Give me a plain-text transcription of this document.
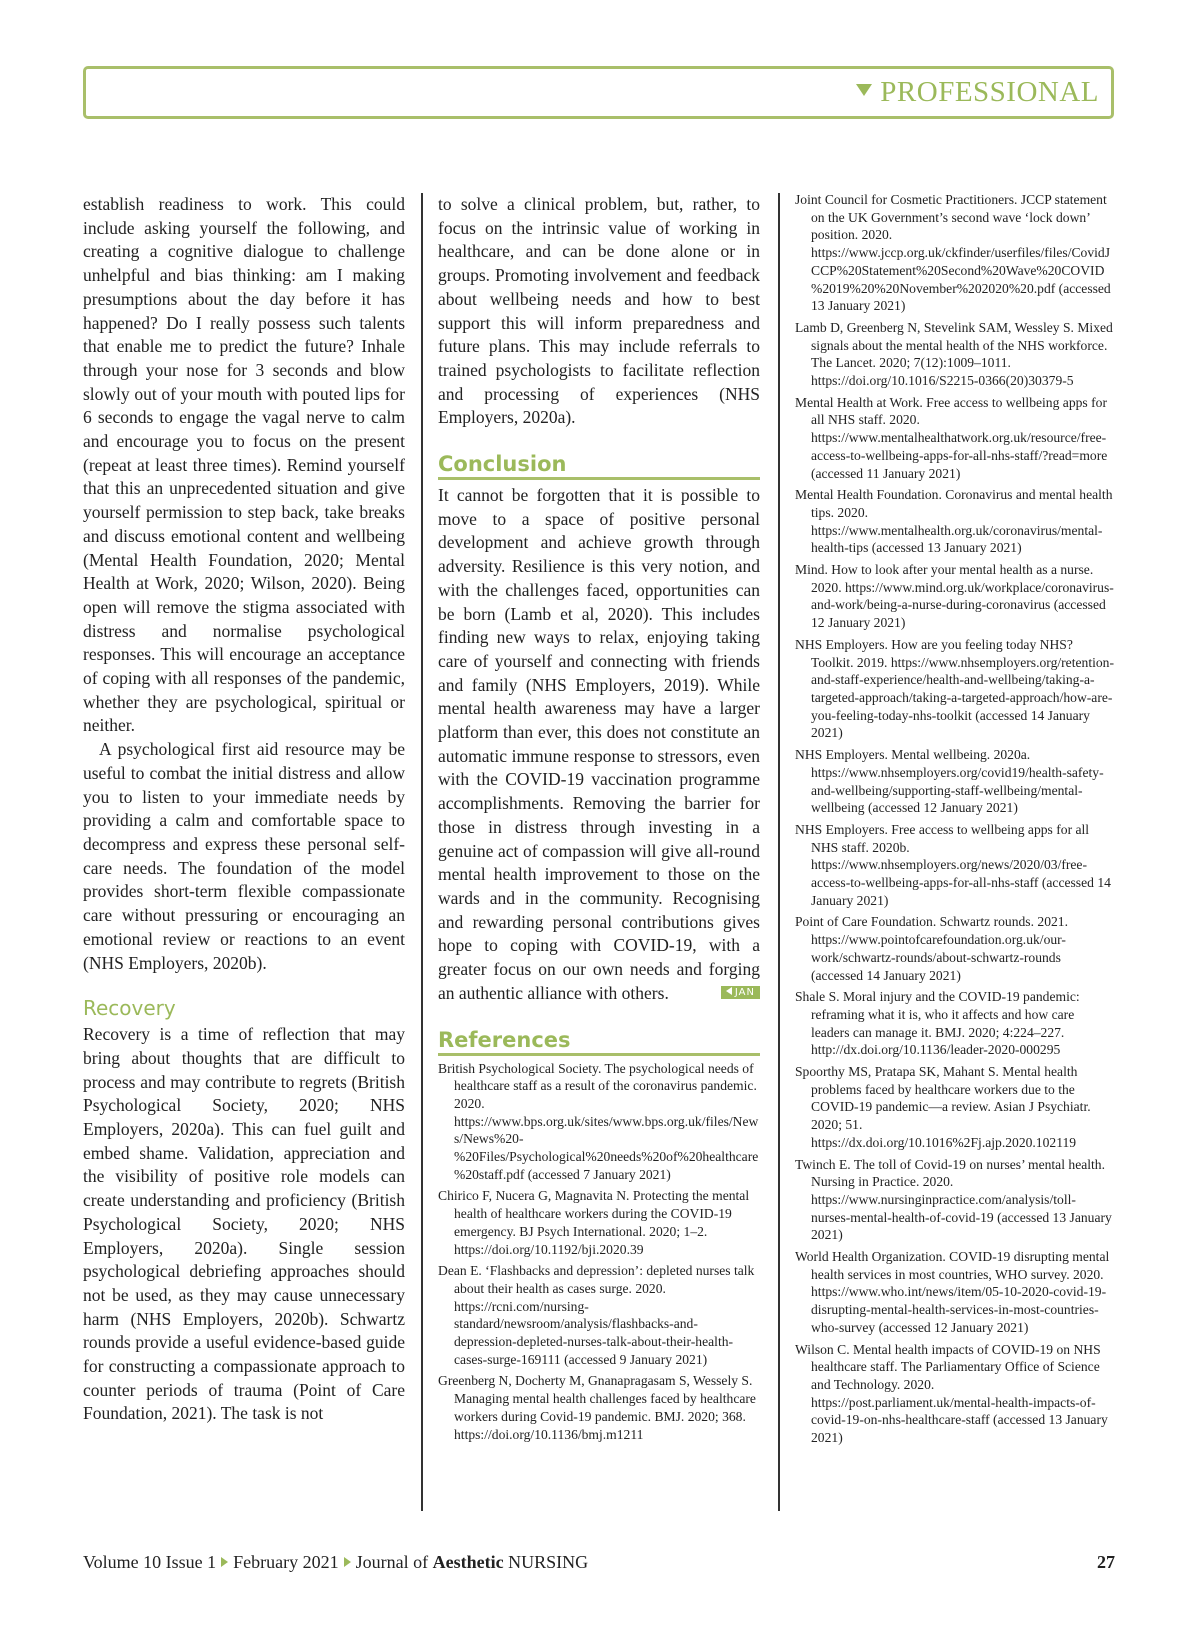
PROFESSIONAL

establish readiness to work. This could include asking yourself the following, and creating a cognitive dialogue to challenge unhelpful and bias thinking: am I making presumptions about the day before it has happened? Do I really possess such talents that enable me to predict the future? Inhale through your nose for 3 seconds and blow slowly out of your mouth with pouted lips for 6 seconds to engage the vagal nerve to calm and encourage you to focus on the present (repeat at least three times). Remind yourself that this an unprecedented situation and give yourself permission to step back, take breaks and discuss emotional content and wellbeing (Mental Health Foundation, 2020; Mental Health at Work, 2020; Wilson, 2020). Being open will remove the stigma associated with distress and normalise psychological responses. This will encourage an acceptance of coping with all responses of the pandemic, whether they are psychological, spiritual or neither.

A psychological first aid resource may be useful to combat the initial distress and allow you to listen to your immediate needs by providing a calm and comfortable space to decompress and express these personal self-care needs. The foundation of the model provides short-term flexible compassionate care without pressuring or encouraging an emotional review or reactions to an event (NHS Employers, 2020b).

Recovery

Recovery is a time of reflection that may bring about thoughts that are difficult to process and may contribute to regrets (British Psychological Society, 2020; NHS Employers, 2020a). This can fuel guilt and embed shame. Validation, appreciation and the visibility of positive role models can create understanding and proficiency (British Psychological Society, 2020; NHS Employers, 2020a). Single session psychological debriefing approaches should not be used, as they may cause unnecessary harm (NHS Employers, 2020b). Schwartz rounds provide a useful evidence-based guide for constructing a compassionate approach to counter periods of trauma (Point of Care Foundation, 2021). The task is not

to solve a clinical problem, but, rather, to focus on the intrinsic value of working in healthcare, and can be done alone or in groups. Promoting involvement and feedback about wellbeing needs and how to best support this will inform preparedness and future plans. This may include referrals to trained psychologists to facilitate reflection and processing of experiences (NHS Employers, 2020a).

Conclusion

It cannot be forgotten that it is possible to move to a space of positive personal development and achieve growth through adversity. Resilience is this very notion, and with the challenges faced, opportunities can be born (Lamb et al, 2020). This includes finding new ways to relax, enjoying taking care of yourself and connecting with friends and family (NHS Employers, 2019). While mental health awareness may have a larger platform than ever, this does not constitute an automatic immune response to stressors, even with the COVID-19 vaccination programme accomplishments. Removing the barrier for those in distress through investing in a genuine act of compassion will give all-round mental health improvement to those on the wards and in the community. Recognising and rewarding personal contributions gives hope to coping with COVID-19, with a greater focus on our own needs and forging an authentic alliance with others.	JAN

References

British Psychological Society. The psychological needs of healthcare staff as a result of the coronavirus pandemic. 2020. https://www.bps.org.uk/sites/www.bps.org.uk/files/News/News%20-%20Files/Psychological%20needs%20of%20healthcare%20staff.pdf (accessed 7 January 2021)

Chirico F, Nucera G, Magnavita N. Protecting the mental health of healthcare workers during the COVID-19 emergency. BJ Psych International. 2020; 1–2. https://doi.org/10.1192/bji.2020.39

Dean E. ‘Flashbacks and depression’: depleted nurses talk about their health as cases surge. 2020. https://rcni.com/nursing-standard/newsroom/analysis/flashbacks-and-depression-depleted-nurses-talk-about-their-health-cases-surge-169111 (accessed 9 January 2021)

Greenberg N, Docherty M, Gnanapragasam S, Wessely S. Managing mental health challenges faced by healthcare workers during Covid-19 pandemic. BMJ. 2020; 368. https://doi.org/10.1136/bmj.m1211

Joint Council for Cosmetic Practitioners. JCCP statement on the UK Government’s second wave ‘lock down’ position. 2020. https://www.jccp.org.uk/ckfinder/userfiles/files/CovidJCCP%20Statement%20Second%20Wave%20COVID%2019%20%20November%202020%20.pdf (accessed 13 January 2021)

Lamb D, Greenberg N, Stevelink SAM, Wessley S. Mixed signals about the mental health of the NHS workforce. The Lancet. 2020; 7(12):1009–1011. https://doi.org/10.1016/S2215-0366(20)30379-5

Mental Health at Work. Free access to wellbeing apps for all NHS staff. 2020. https://www.mentalhealthatwork.org.uk/resource/free-access-to-wellbeing-apps-for-all-nhs-staff/?read=more (accessed 11 January 2021)

Mental Health Foundation. Coronavirus and mental health tips. 2020. https://www.mentalhealth.org.uk/coronavirus/mental-health-tips (accessed 13 January 2021)

Mind. How to look after your mental health as a nurse. 2020. https://www.mind.org.uk/workplace/coronavirus-and-work/being-a-nurse-during-coronavirus (accessed 12 January 2021)

NHS Employers. How are you feeling today NHS? Toolkit. 2019. https://www.nhsemployers.org/retention-and-staff-experience/health-and-wellbeing/taking-a-targeted-approach/taking-a-targeted-approach/how-are-you-feeling-today-nhs-toolkit (accessed 14 January 2021)

NHS Employers. Mental wellbeing. 2020a. https://www.nhsemployers.org/covid19/health-safety-and-wellbeing/supporting-staff-wellbeing/mental-wellbeing (accessed 12 January 2021)

NHS Employers. Free access to wellbeing apps for all NHS staff. 2020b. https://www.nhsemployers.org/news/2020/03/free-access-to-wellbeing-apps-for-all-nhs-staff (accessed 14 January 2021)

Point of Care Foundation. Schwartz rounds. 2021. https://www.pointofcarefoundation.org.uk/our-work/schwartz-rounds/about-schwartz-rounds (accessed 14 January 2021)

Shale S. Moral injury and the COVID-19 pandemic: reframing what it is, who it affects and how care leaders can manage it. BMJ. 2020; 4:224–227. http://dx.doi.org/10.1136/leader-2020-000295

Spoorthy MS, Pratapa SK, Mahant S. Mental health problems faced by healthcare workers due to the COVID-19 pandemic—a review. Asian J Psychiatr. 2020; 51. https://dx.doi.org/10.1016%2Fj.ajp.2020.102119

Twinch E. The toll of Covid-19 on nurses’ mental health. Nursing in Practice. 2020. https://www.nursinginpractice.com/analysis/toll-nurses-mental-health-of-covid-19 (accessed 13 January 2021)

World Health Organization. COVID-19 disrupting mental health services in most countries, WHO survey. 2020. https://www.who.int/news/item/05-10-2020-covid-19-disrupting-mental-health-services-in-most-countries-who-survey (accessed 12 January 2021)

Wilson C. Mental health impacts of COVID-19 on NHS healthcare staff. The Parliamentary Office of Science and Technology. 2020. https://post.parliament.uk/mental-health-impacts-of-covid-19-on-nhs-healthcare-staff (accessed 13 January 2021)

Volume 10 Issue 1 February 2021 Journal of Aesthetic NURSING	27
